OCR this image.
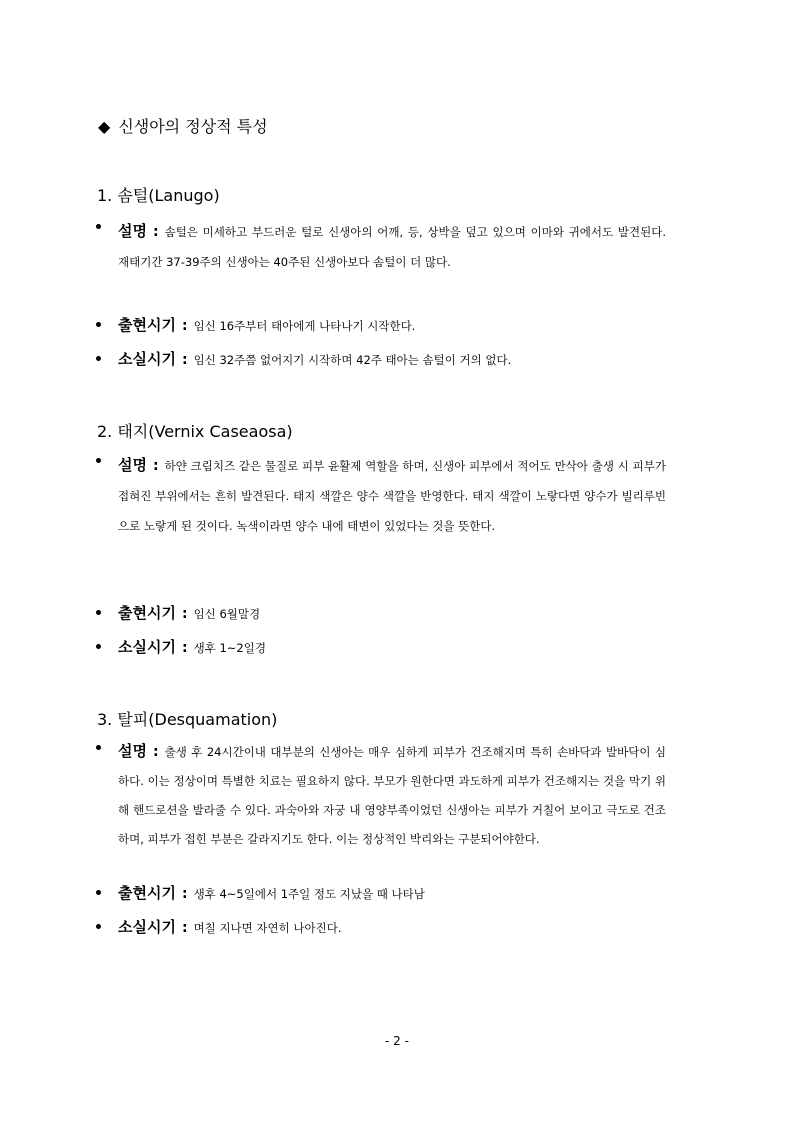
◆ 신생아의 정상적 특성
1. 솜털(Lanugo)
설명 : 솜털은 미세하고 부드러운 털로 신생아의 어깨, 등, 상박을 덮고 있으며 이마와 귀에서도 발견된다. 재태기간 37-39주의 신생아는 40주된 신생아보다 솜털이 더 많다.
출현시기 : 임신 16주부터 태아에게 나타나기 시작한다.
소실시기 : 임신 32주쯤 없어지기 시작하며 42주 태아는 솜털이 거의 없다.
2. 태지(Vernix Caseaosa)
설명 : 하얀 크림치즈 같은 물질로 피부 윤활제 역할을 하며, 신생아 피부에서 적어도 만삭아 출생 시 피부가 접혀진 부위에서는 흔히 발견된다. 태지 색깔은 양수 색깔을 반영한다. 태지 색깔이 노랗다면 양수가 빌리루빈으로 노랗게 된 것이다. 녹색이라면 양수 내에 태변이 있었다는 것을 뜻한다.
출현시기 : 임신 6월말경
소실시기 : 생후 1~2일경
3. 탈피(Desquamation)
설명 : 출생 후 24시간이내 대부분의 신생아는 매우 심하게 피부가 건조해지며 특히 손바닥과 발바닥이 심하다. 이는 정상이며 특별한 치료는 필요하지 않다. 부모가 원한다면 과도하게 피부가 건조해지는 것을 막기 위해 핸드로션을 발라줄 수 있다. 과숙아와 자궁 내 영양부족이었던 신생아는 피부가 거칠어 보이고 극도로 건조하며, 피부가 접힌 부분은 갈라지기도 한다. 이는 정상적인 박리와는 구분되어야한다.
출현시기 : 생후 4~5일에서 1주일 정도 지났을 때 나타남
소실시기 : 며칠 지나면 자연히 나아진다.
- 2 -
